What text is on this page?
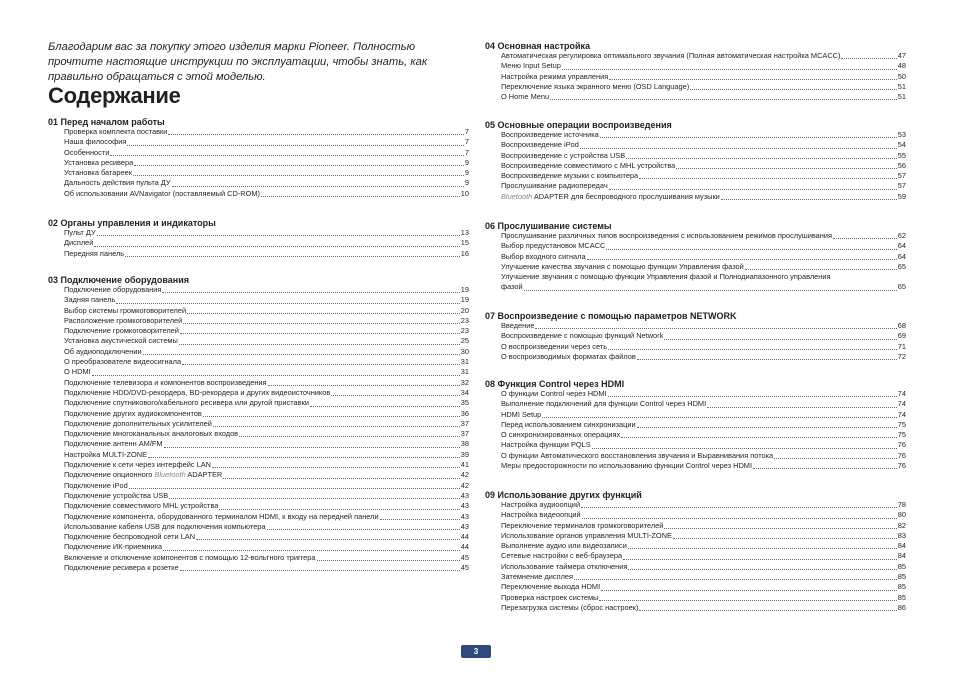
Благодарим вас за покупку этого изделия марки Pioneer. Полностью прочтите настоящие инструкции по эксплуатации, чтобы знать, как правильно обращаться с этой моделью.
Содержание
01 Перед началом работы
Проверка комплекта поставки	7
Наша философия	7
Особенности	7
Установка ресивера	9
Установка батареек	9
Дальность действия пульта ДУ	9
Об использовании AVNavigator (поставляемый CD-ROM)	10
02 Органы управления и индикаторы
Пульт ДУ	13
Дисплей	15
Передняя панель	16
03 Подключение оборудования
Подключение оборудования	19
Задняя панель	19
Выбор системы громкоговорителей	20
Расположение громкоговорителей	23
Подключение громкоговорителей	23
Установка акустической системы	25
Об аудиоподключении	30
О преобразователе видеосигнала	31
О HDMI	31
Подключение телевизора и компонентов воспроизведения	32
Подключение HDD/DVD-рекордера, BD-рекордера и других видеоисточников	34
Подключение спутникового/кабельного ресивера или другой приставки	35
Подключение других аудиокомпонентов	36
Подключение дополнительных усилителей	37
Подключение многоканальных аналоговых входов	37
Подключение антенн AM/FM	38
Настройка MULTI-ZONE	39
Подключение к сети через интерфейс LAN	41
Подключение опционного Bluetooth ADAPTER	42
Подключение iPod	42
Подключение устройства USB	43
Подключение совместимого MHL устройства	43
Подключение компонента, оборудованного терминалом HDMI, к входу на передней панели	43
Использование кабеля USB для подключения компьютера	43
Подключение беспроводной сети LAN	44
Подключение ИК-приемника	44
Включение и отключение компонентов с помощью 12-вольтного триггера	45
Подключение ресивера к розетке	45
04 Основная настройка
Автоматическая регулировка оптимального звучания (Полная автоматическая настройка MCACC)	47
Меню Input Setup	48
Настройка режима управления	50
Переключение языка экранного меню (OSD Language)	51
О Home Menu	51
05 Основные операции воспроизведения
Воспроизведение источника	53
Воспроизведение iPod	54
Воспроизведение с устройства USB	55
Воспроизведение совместимого с MHL устройства	56
Воспроизведение музыки с компьютера	57
Прослушивание радиопередач	57
Bluetooth ADAPTER для беспроводного прослушивания музыки	59
06 Прослушивание системы
Прослушивание различных типов воспроизведения с использованием режимов прослушивания	62
Выбор предустановок MCACC	64
Выбор входного сигнала	64
Улучшение качества звучания с помощью функции Управления фазой	65
Улучшение звучания с помощью функции Управления фазой и Полнодиапазонного управления
фазой	65
07 Воспроизведение с помощью параметров NETWORK
Введение	68
Воспроизведение с помощью функций Network	69
О воспроизведении через сеть	71
О воспроизводимых форматах файлов	72
08 Функция Control через HDMI
О функции Control через HDMI	74
Выполнение подключений для функции Control через HDMI	74
HDMI Setup	74
Перед использованием синхронизации	75
О синхронизированных операциях	75
Настройка функции PQLS	76
О функции Автоматического восстановления звучания и Выравнивания потока	76
Меры предосторожности по использованию функции Control через HDMI	76
09 Использование других функций
Настройка аудиоопций	78
Настройка видеоопций	80
Переключение терминалов громкоговорителей	82
Использование органов управления MULTI-ZONE	83
Выполнение аудио или видеозаписи	84
Сетевые настройки с веб-браузера	84
Использование таймера отключения	85
Затемнение дисплея	85
Переключение выхода HDMI	85
Проверка настроек системы	85
Перезагрузка системы (сброс настроек)	86
3
